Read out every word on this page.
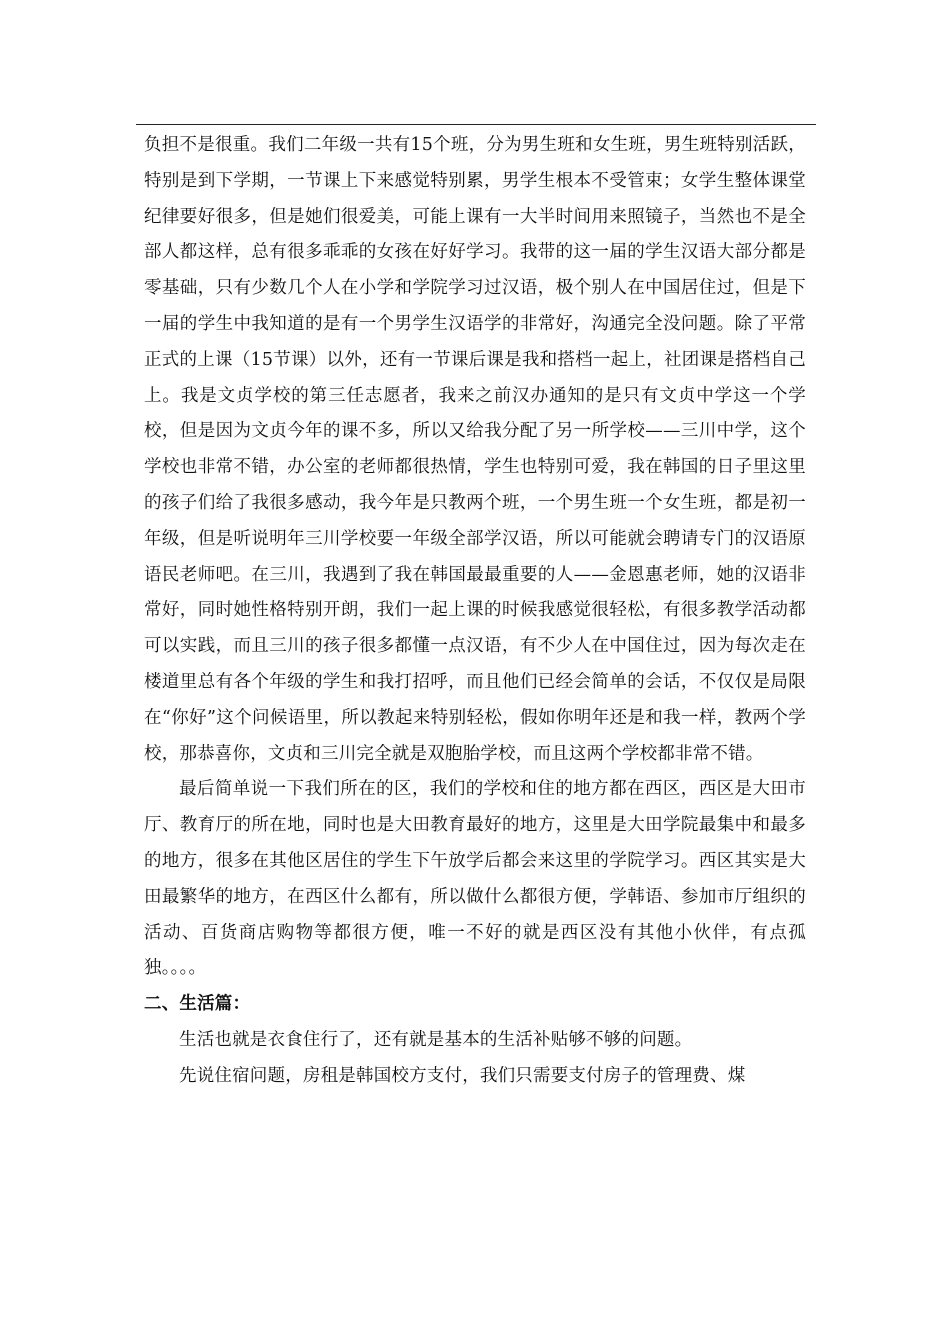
负担不是很重。我们二年级一共有15个班，分为男生班和女生班，男生班特别活跃，特别是到下学期，一节课上下来感觉特别累，男学生根本不受管束；女学生整体课堂纪律要好很多，但是她们很爱美，可能上课有一大半时间用来照镜子，当然也不是全部人都这样，总有很多乖乖的女孩在好好学习。我带的这一届的学生汉语大部分都是零基础，只有少数几个人在小学和学院学习过汉语，极个别人在中国居住过，但是下一届的学生中我知道的是有一个男学生汉语学的非常好，沟通完全没问题。除了平常正式的上课（15节课）以外，还有一节课后课是我和搭档一起上，社团课是搭档自己上。我是文贞学校的第三任志愿者，我来之前汉办通知的是只有文贞中学这一个学校，但是因为文贞今年的课不多，所以又给我分配了另一所学校——三川中学，这个学校也非常不错，办公室的老师都很热情，学生也特别可爱，我在韩国的日子里这里的孩子们给了我很多感动，我今年是只教两个班，一个男生班一个女生班，都是初一年级，但是听说明年三川学校要一年级全部学汉语，所以可能就会聘请专门的汉语原语民老师吧。在三川，我遇到了我在韩国最最重要的人——金恩惠老师，她的汉语非常好，同时她性格特别开朗，我们一起上课的时候我感觉很轻松，有很多教学活动都可以实践，而且三川的孩子很多都懂一点汉语，有不少人在中国住过，因为每次走在楼道里总有各个年级的学生和我打招呼，而且他们已经会简单的会话，不仅仅是局限在“你好”这个问候语里，所以教起来特别轻松，假如你明年还是和我一样，教两个学校，那恭喜你，文贞和三川完全就是双胞胎学校，而且这两个学校都非常不错。

最后简单说一下我们所在的区，我们的学校和住的地方都在西区，西区是大田市厅、教育厅的所在地，同时也是大田教育最好的地方，这里是大田学院最集中和最多的地方，很多在其他区居住的学生下午放学后都会来这里的学院学习。西区其实是大田最繁华的地方，在西区什么都有，所以做什么都很方便，学韩语、参加市厅组织的活动、百货商店购物等都很方便，唯一不好的就是西区没有其他小伙伴，有点孤独。。。。

二、生活篇：

生活也就是衣食住行了，还有就是基本的生活补贴够不够的问题。

先说住宿问题，房租是韩国校方支付，我们只需要支付房子的管理费、煤
